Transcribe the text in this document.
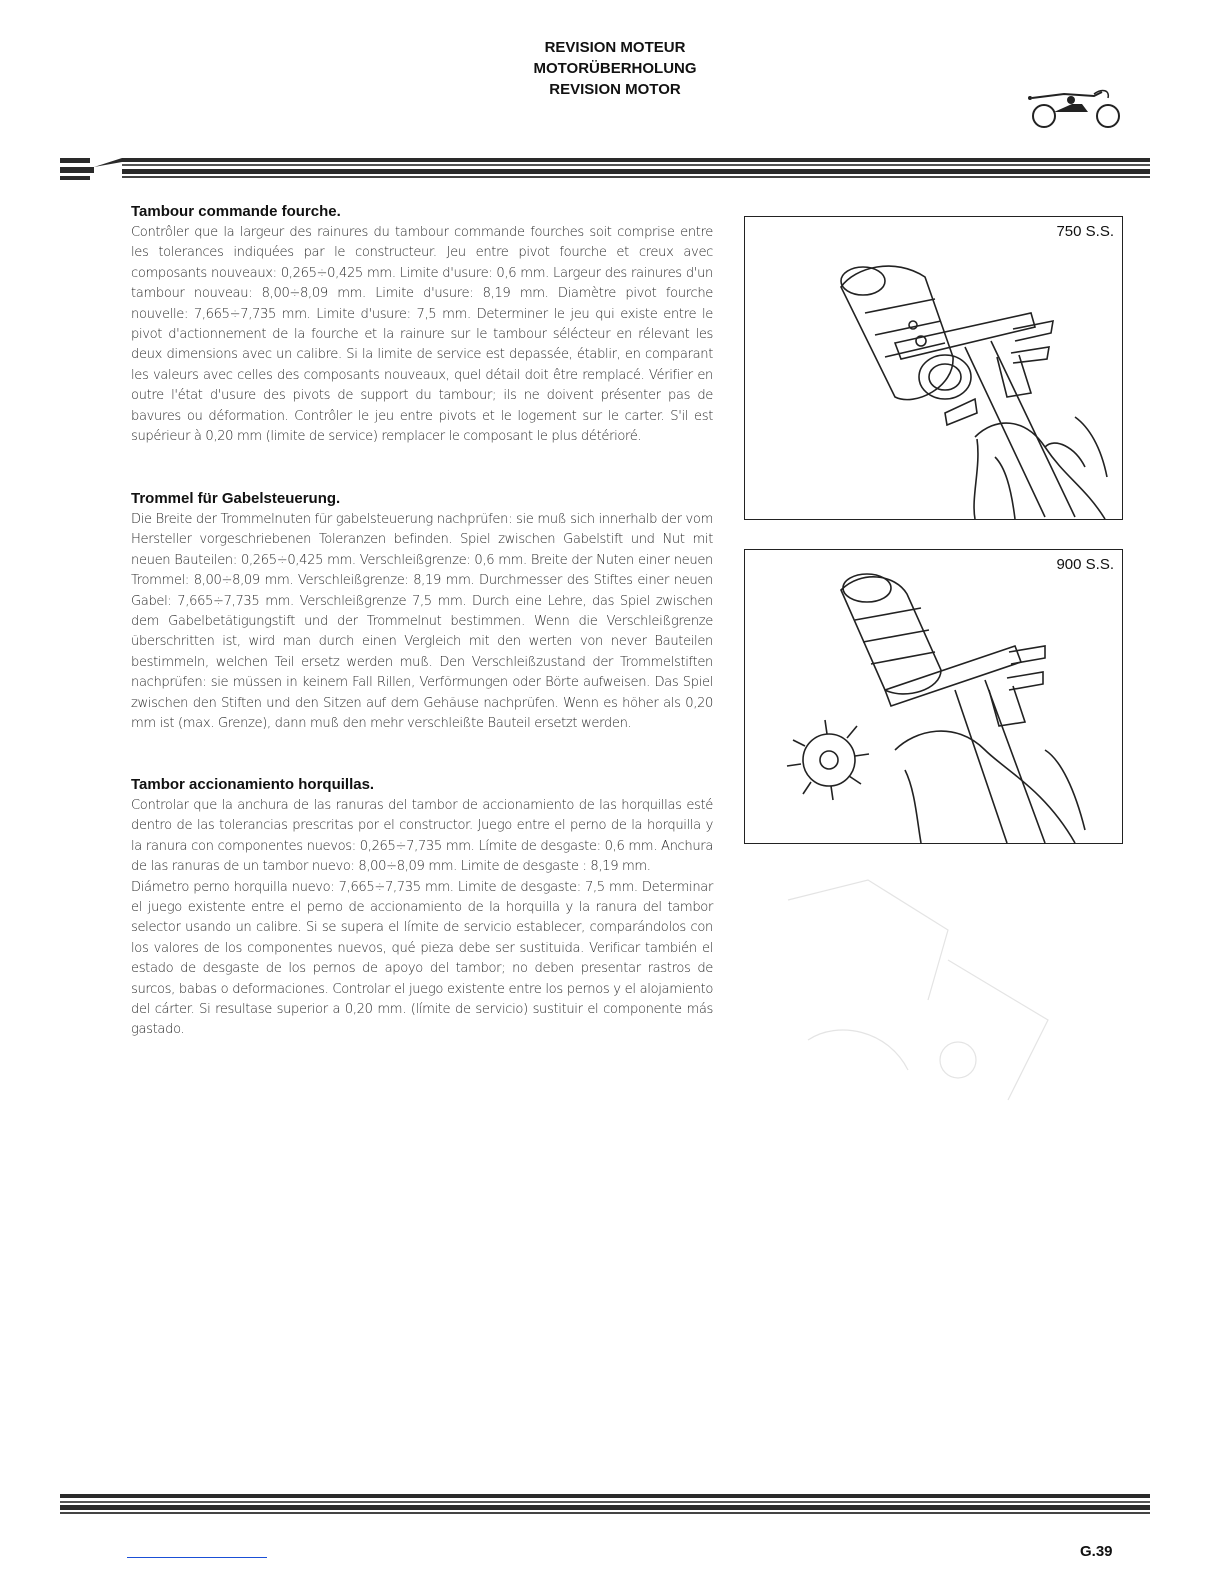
REVISION MOTEUR
MOTORÜBERHOLUNG
REVISION MOTOR
Tambour commande fourche.

Contrôler que la largeur des rainures du tambour commande fourches soit comprise entre les tolerances indiquées par le constructeur. Jeu entre pivot fourche et creux avec composants nouveaux: 0,265÷0,425 mm. Limite d'usure: 0,6 mm. Largeur des rainures d'un tambour nouveau: 8,00÷8,09 mm. Limite d'usure: 8,19 mm. Diamètre pivot fourche nouvelle: 7,665÷7,735 mm. Limite d'usure: 7,5 mm. Determiner le jeu qui existe entre le pivot d'actionnement de la fourche et la rainure sur le tambour sélécteur en rélevant les deux dimensions avec un calibre. Si la limite de service est depassée, établir, en comparant les valeurs avec celles des composants nouveaux, quel détail doit être remplacé. Vérifier en outre l'état d'usure des pivots de support du tambour; ils ne doivent présenter pas de bavures ou déformation. Contrôler le jeu entre pivots et le logement sur le carter. S'il est supérieur à 0,20 mm (limite de service) remplacer le composant le plus détérioré.

Trommel für Gabelsteuerung.

Die Breite der Trommelnuten für gabelsteuerung nachprüfen: sie muß sich innerhalb der vom Hersteller vorgeschriebenen Toleranzen befinden. Spiel zwischen Gabelstift und Nut mit neuen Bauteilen: 0,265÷0,425 mm. Verschleißgrenze: 0,6 mm. Breite der Nuten einer neuen Trommel: 8,00÷8,09 mm. Verschleißgrenze: 8,19 mm. Durchmesser des Stiftes einer neuen Gabel: 7,665÷7,735 mm. Verschleißgrenze 7,5 mm. Durch eine Lehre, das Spiel zwischen dem Gabelbetätigungstift und der Trommelnut bestimmen. Wenn die Verschleißgrenze überschritten ist, wird man durch einen Vergleich mit den werten von never Bauteilen bestimmeln, welchen Teil ersetz werden muß. Den Verschleißzustand der Trommelstiften nachprüfen: sie müssen in keinem Fall Rillen, Verförmungen oder Börte aufweisen. Das Spiel zwischen den Stiften und den Sitzen auf dem Gehäuse nachprüfen. Wenn es höher als 0,20 mm ist (max. Grenze), dann muß den mehr verschleißte Bauteil ersetzt werden.

Tambor accionamiento horquillas.

Controlar que la anchura de las ranuras del tambor de accionamiento de las horquillas esté dentro de las tolerancias prescritas por el constructor. Juego entre el perno de la horquilla y la ranura con componentes nuevos: 0,265÷7,735 mm. Límite de desgaste: 0,6 mm. Anchura de las ranuras de un tambor nuevo: 8,00÷8,09 mm. Limite de desgaste : 8,19 mm.

Diámetro perno horquilla nuevo: 7,665÷7,735 mm. Limite de desgaste: 7,5 mm. Determinar el juego existente entre el perno de accionamiento de la horquilla y la ranura del tambor selector usando un calibre. Si se supera el límite de servicio establecer, comparándolos con los valores de los componentes nuevos, qué pieza debe ser sustituida. Verificar también el estado de desgaste de los pernos de apoyo del tambor; no deben presentar rastros de surcos, babas o deformaciones. Controlar el juego existente entre los pernos y el alojamiento del cárter. Si resultase superior a 0,20 mm. (límite de servicio) sustituir el componente más gastado.

750 S.S.
900 S.S.
G.39
